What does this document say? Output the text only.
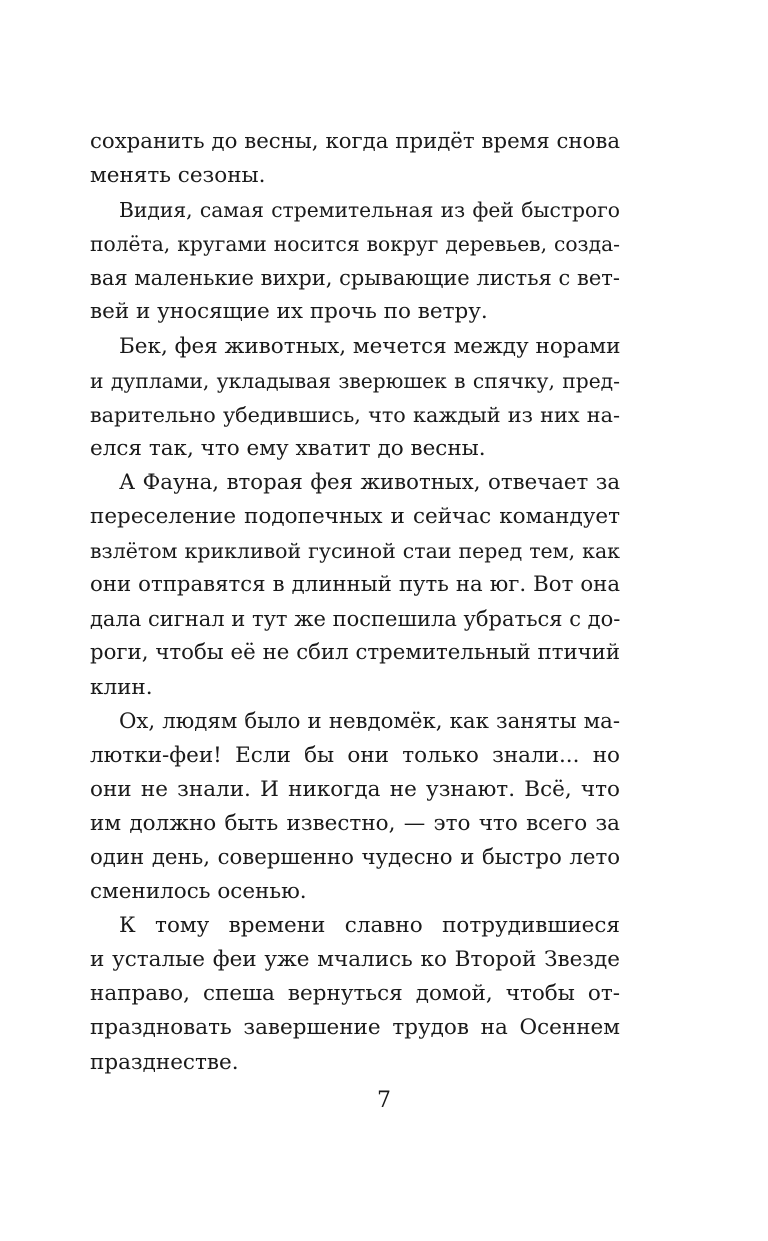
сохранить до весны, когда придёт время снова
менять сезоны.
Видия, самая стремительная из фей быстрого
полёта, кругами носится вокруг деревьев, созда-
вая маленькие вихри, срывающие листья с вет-
вей и уносящие их прочь по ветру.
Бек, фея животных, мечется между норами
и дуплами, укладывая зверюшек в спячку, пред-
варительно убедившись, что каждый из них на-
елся так, что ему хватит до весны.
А Фауна, вторая фея животных, отвечает за
переселение подопечных и сейчас командует
взлётом крикливой гусиной стаи перед тем, как
они отправятся в длинный путь на юг. Вот она
дала сигнал и тут же поспешила убраться с до-
роги, чтобы её не сбил стремительный птичий
клин.
Ох, людям было и невдомёк, как заняты ма-
лютки-феи! Если бы они только знали... но
они не знали. И никогда не узнают. Всё, что
им должно быть известно, — это что всего за
один день, совершенно чудесно и быстро лето
сменилось осенью.
К тому времени славно потрудившиеся
и усталые феи уже мчались ко Второй Звезде
направо, спеша вернуться домой, чтобы от-
праздновать завершение трудов на Осеннем
празднестве.
7
